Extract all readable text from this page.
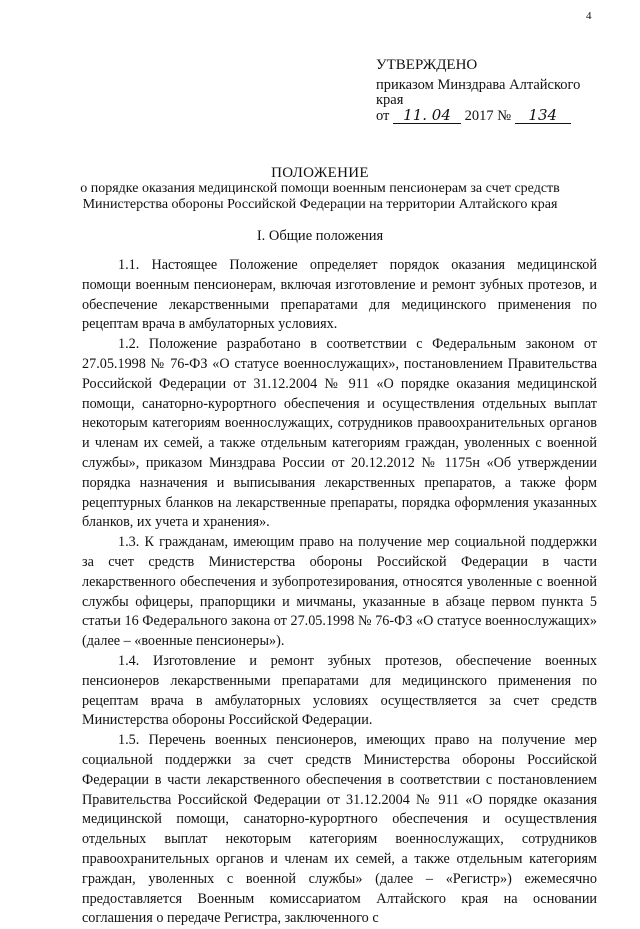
4
УТВЕРЖДЕНО
приказом Минздрава Алтайского
края
от 11. 04 2017 № 134
ПОЛОЖЕНИЕ
о порядке оказания медицинской помощи военным пенсионерам за счет средств
Министерства обороны Российской Федерации на территории Алтайского края
I. Общие положения

1.1. Настоящее Положение определяет порядок оказания медицинской помощи военным пенсионерам, включая изготовление и ремонт зубных протезов, и обеспечение лекарственными препаратами для медицинского применения по рецептам врача в амбулаторных условиях.

1.2. Положение разработано в соответствии с Федеральным законом от 27.05.1998 № 76-ФЗ «О статусе военнослужащих», постановлением Правительства Российской Федерации от 31.12.2004 № 911 «О порядке оказания медицинской помощи, санаторно-курортного обеспечения и осуществления отдельных выплат некоторым категориям военнослужащих, сотрудников правоохранительных органов и членам их семей, а также отдельным категориям граждан, уволенных с военной службы», приказом Минздрава России от 20.12.2012 № 1175н «Об утверждении порядка назначения и выписывания лекарственных препаратов, а также форм рецептурных бланков на лекарственные препараты, порядка оформления указанных бланков, их учета и хранения».

1.3. К гражданам, имеющим право на получение мер социальной поддержки за счет средств Министерства обороны Российской Федерации в части лекарственного обеспечения и зубопротезирования, относятся уволенные с военной службы офицеры, прапорщики и мичманы, указанные в абзаце первом пункта 5 статьи 16 Федерального закона от 27.05.1998 № 76-ФЗ «О статусе военнослужащих» (далее – «военные пенсионеры»).

1.4. Изготовление и ремонт зубных протезов, обеспечение военных пенсионеров лекарственными препаратами для медицинского применения по рецептам врача в амбулаторных условиях осуществляется за счет средств Министерства обороны Российской Федерации.

1.5. Перечень военных пенсионеров, имеющих право на получение мер социальной поддержки за счет средств Министерства обороны Российской Федерации в части лекарственного обеспечения в соответствии с постановлением Правительства Российской Федерации от 31.12.2004 № 911 «О порядке оказания медицинской помощи, санаторно-курортного обеспечения и осуществления отдельных выплат некоторым категориям военнослужащих, сотрудников правоохранительных органов и членам их семей, а также отдельным категориям граждан, уволенных с военной службы» (далее – «Регистр») ежемесячно предоставляется Военным комиссариатом Алтайского края на основании соглашения о передаче Регистра, заключенного с
